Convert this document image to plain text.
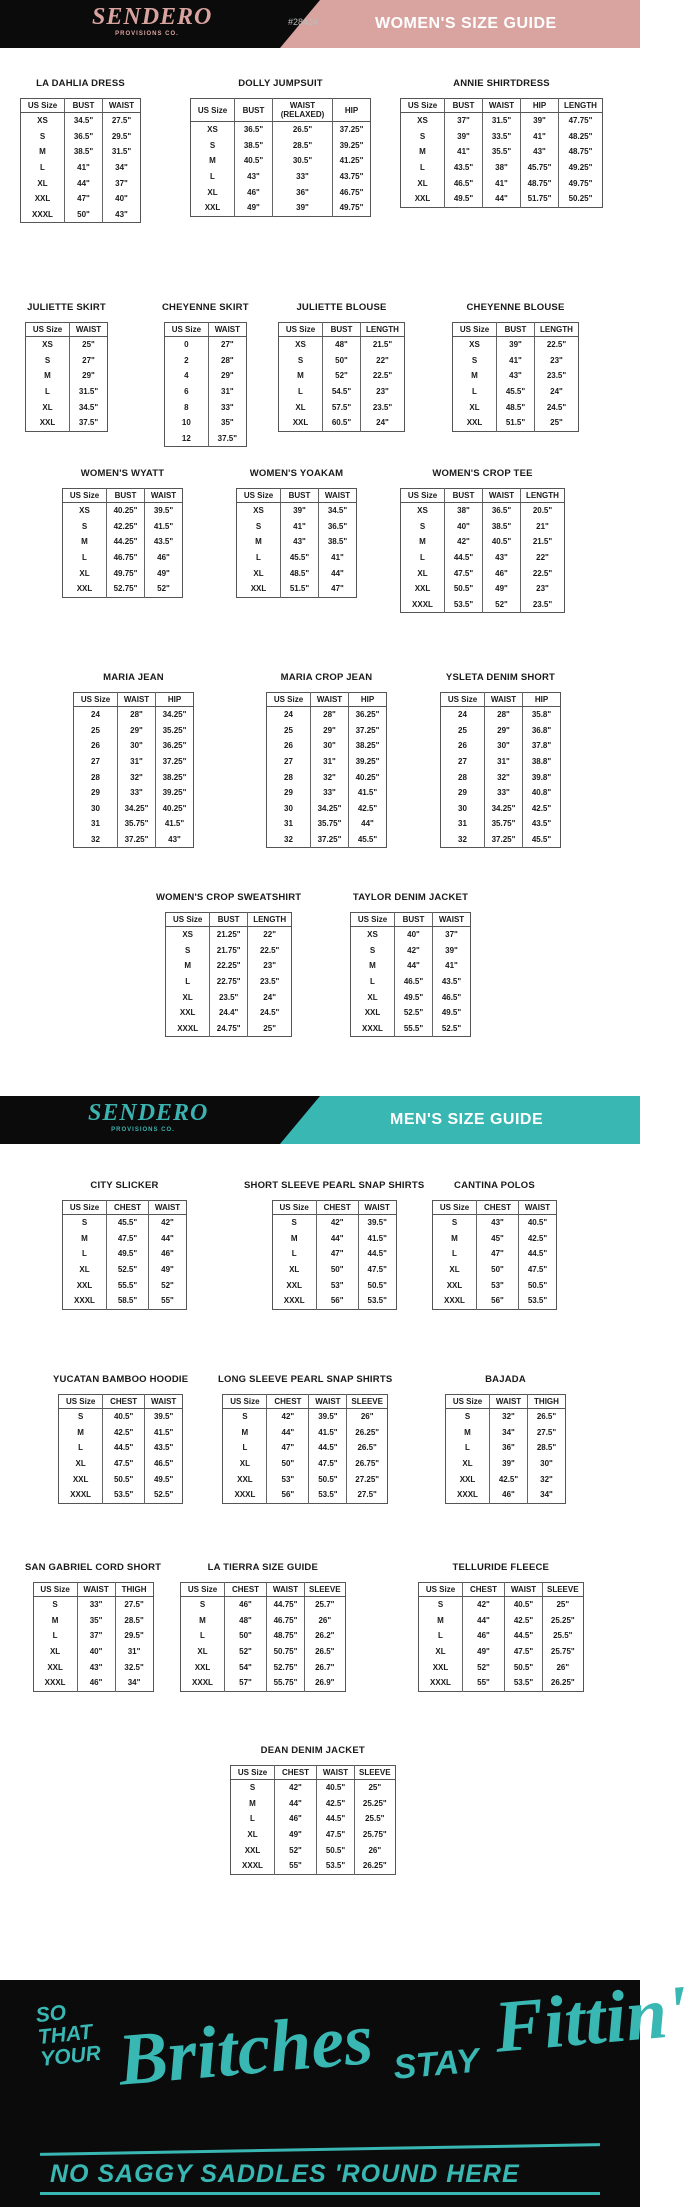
SENDERO
PROVISIONS CO.
#28424	WOMEN'S SIZE GUIDE
LA DAHLIA DRESS
US Size	BUST	WAIST
XS	34.5"	27.5"
S	36.5"	29.5"
M	38.5"	31.5"
L	41"	34"
XL	44"	37"
XXL	47"	40"
XXXL	50"	43"
DOLLY JUMPSUIT
US Size	BUST	WAIST (RELAXED)	HIP
XS	36.5"	26.5"	37.25"
S	38.5"	28.5"	39.25"
M	40.5"	30.5"	41.25"
L	43"	33"	43.75"
XL	46"	36"	46.75"
XXL	49"	39"	49.75"
ANNIE SHIRTDRESS
US Size	BUST	WAIST	HIP	LENGTH
XS	37"	31.5"	39"	47.75"
S	39"	33.5"	41"	48.25"
M	41"	35.5"	43"	48.75"
L	43.5"	38"	45.75"	49.25"
XL	46.5"	41"	48.75"	49.75"
XXL	49.5"	44"	51.75"	50.25"
JULIETTE SKIRT
US Size	WAIST
XS	25"
S	27"
M	29"
L	31.5"
XL	34.5"
XXL	37.5"
CHEYENNE SKIRT
US Size	WAIST
0	27"
2	28"
4	29"
6	31"
8	33"
10	35"
12	37.5"
JULIETTE BLOUSE
US Size	BUST	LENGTH
XS	48"	21.5"
S	50"	22"
M	52"	22.5"
L	54.5"	23"
XL	57.5"	23.5"
XXL	60.5"	24"
CHEYENNE BLOUSE
US Size	BUST	LENGTH
XS	39"	22.5"
S	41"	23"
M	43"	23.5"
L	45.5"	24"
XL	48.5"	24.5"
XXL	51.5"	25"
WOMEN'S WYATT
US Size	BUST	WAIST
XS	40.25"	39.5"
S	42.25"	41.5"
M	44.25"	43.5"
L	46.75"	46"
XL	49.75"	49"
XXL	52.75"	52"
WOMEN'S YOAKAM
US Size	BUST	WAIST
XS	39"	34.5"
S	41"	36.5"
M	43"	38.5"
L	45.5"	41"
XL	48.5"	44"
XXL	51.5"	47"
WOMEN'S CROP TEE
US Size	BUST	WAIST	LENGTH
XS	38"	36.5"	20.5"
S	40"	38.5"	21"
M	42"	40.5"	21.5"
L	44.5"	43"	22"
XL	47.5"	46"	22.5"
XXL	50.5"	49"	23"
XXXL	53.5"	52"	23.5"
MARIA JEAN
US Size	WAIST	HIP
24	28"	34.25"
25	29"	35.25"
26	30"	36.25"
27	31"	37.25"
28	32"	38.25"
29	33"	39.25"
30	34.25"	40.25"
31	35.75"	41.5"
32	37.25"	43"
MARIA CROP JEAN
US Size	WAIST	HIP
24	28"	36.25"
25	29"	37.25"
26	30"	38.25"
27	31"	39.25"
28	32"	40.25"
29	33"	41.5"
30	34.25"	42.5"
31	35.75"	44"
32	37.25"	45.5"
YSLETA DENIM SHORT
US Size	WAIST	HIP
24	28"	35.8"
25	29"	36.8"
26	30"	37.8"
27	31"	38.8"
28	32"	39.8"
29	33"	40.8"
30	34.25"	42.5"
31	35.75"	43.5"
32	37.25"	45.5"
WOMEN'S CROP SWEATSHIRT
US Size	BUST	LENGTH
XS	21.25"	22"
S	21.75"	22.5"
M	22.25"	23"
L	22.75"	23.5"
XL	23.5"	24"
XXL	24.4"	24.5"
XXXL	24.75"	25"
TAYLOR DENIM JACKET
US Size	BUST	WAIST
XS	40"	37"
S	42"	39"
M	44"	41"
L	46.5"	43.5"
XL	49.5"	46.5"
XXL	52.5"	49.5"
XXXL	55.5"	52.5"
SENDERO
PROVISIONS CO.
MEN'S SIZE GUIDE
CITY SLICKER
US Size	CHEST	WAIST
S	45.5"	42"
M	47.5"	44"
L	49.5"	46"
XL	52.5"	49"
XXL	55.5"	52"
XXXL	58.5"	55"
SHORT SLEEVE PEARL SNAP SHIRTS
US Size	CHEST	WAIST
S	42"	39.5"
M	44"	41.5"
L	47"	44.5"
XL	50"	47.5"
XXL	53"	50.5"
XXXL	56"	53.5"
CANTINA POLOS
US Size	CHEST	WAIST
S	43"	40.5"
M	45"	42.5"
L	47"	44.5"
XL	50"	47.5"
XXL	53"	50.5"
XXXL	56"	53.5"
YUCATAN BAMBOO HOODIE
US Size	CHEST	WAIST
S	40.5"	39.5"
M	42.5"	41.5"
L	44.5"	43.5"
XL	47.5"	46.5"
XXL	50.5"	49.5"
XXXL	53.5"	52.5"
LONG SLEEVE PEARL SNAP SHIRTS
US Size	CHEST	WAIST	SLEEVE
S	42"	39.5"	26"
M	44"	41.5"	26.25"
L	47"	44.5"	26.5"
XL	50"	47.5"	26.75"
XXL	53"	50.5"	27.25"
XXXL	56"	53.5"	27.5"
BAJADA
US Size	WAIST	THIGH
S	32"	26.5"
M	34"	27.5"
L	36"	28.5"
XL	39"	30"
XXL	42.5"	32"
XXXL	46"	34"
SAN GABRIEL CORD SHORT
US Size	WAIST	THIGH
S	33"	27.5"
M	35"	28.5"
L	37"	29.5"
XL	40"	31"
XXL	43"	32.5"
XXXL	46"	34"
LA TIERRA SIZE GUIDE
US Size	CHEST	WAIST	SLEEVE
S	46"	44.75"	25.7"
M	48"	46.75"	26"
L	50"	48.75"	26.2"
XL	52"	50.75"	26.5"
XXL	54"	52.75"	26.7"
XXXL	57"	55.75"	26.9"
TELLURIDE FLEECE
US Size	CHEST	WAIST	SLEEVE
S	42"	40.5"	25"
M	44"	42.5"	25.25"
L	46"	44.5"	25.5"
XL	49"	47.5"	25.75"
XXL	52"	50.5"	26"
XXXL	55"	53.5"	26.25"
DEAN DENIM JACKET
US Size	CHEST	WAIST	SLEEVE
S	42"	40.5"	25"
M	44"	42.5"	25.25"
L	46"	44.5"	25.5"
XL	49"	47.5"	25.75"
XXL	52"	50.5"	26"
XXXL	55"	53.5"	26.25"
SO
THAT
YOUR Britches STAY Fittin'
NO SAGGY SADDLES 'ROUND HERE
